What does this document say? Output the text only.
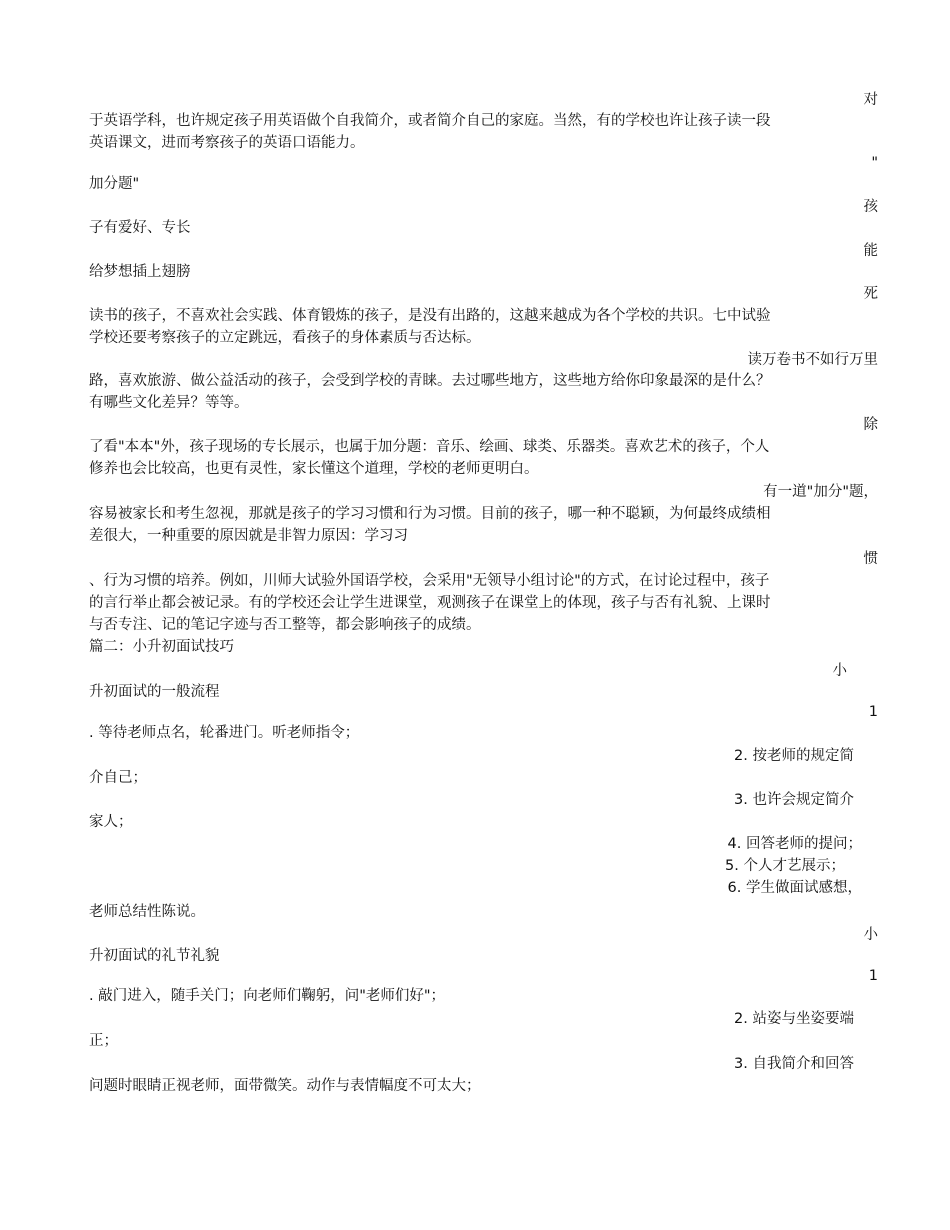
对
于英语学科，也许规定孩子用英语做个自我简介，或者简介自己的家庭。当然，有的学校也许让孩子读一段
英语课文，进而考察孩子的英语口语能力。
"
加分题"
孩
子有爱好、专长
能
给梦想插上翅膀
死
读书的孩子，不喜欢社会实践、体育锻炼的孩子，是没有出路的，这越来越成为各个学校的共识。七中试验
学校还要考察孩子的立定跳远，看孩子的身体素质与否达标。
读万卷书不如行万里
路，喜欢旅游、做公益活动的孩子，会受到学校的青睐。去过哪些地方，这些地方给你印象最深的是什么？
有哪些文化差异？等等。
除
了看"本本"外，孩子现场的专长展示，也属于加分题：音乐、绘画、球类、乐器类。喜欢艺术的孩子，个人
修养也会比较高，也更有灵性，家长懂这个道理，学校的老师更明白。
有一道"加分"题，
容易被家长和考生忽视，那就是孩子的学习习惯和行为习惯。目前的孩子，哪一种不聪颖，为何最终成绩相
差很大，一种重要的原因就是非智力原因：学习习
惯
、行为习惯的培养。例如，川师大试验外国语学校，会采用"无领导小组讨论"的方式，在讨论过程中，孩子
的言行举止都会被记录。有的学校还会让学生进课堂，观测孩子在课堂上的体现，孩子与否有礼貌、上课时
与否专注、记的笔记字迹与否工整等，都会影响孩子的成绩。
篇二：小升初面试技巧
小
升初面试的一般流程
1
. 等待老师点名，轮番进门。听老师指令；
2. 按老师的规定简
介自己；
3. 也许会规定简介
家人；
4. 回答老师的提问；
5. 个人才艺展示；
6. 学生做面试感想，
老师总结性陈说。
小
升初面试的礼节礼貌
1
. 敲门进入，随手关门；向老师们鞠躬，问"老师们好"；
2. 站姿与坐姿要端
正；
3. 自我简介和回答
问题时眼睛正视老师，面带微笑。动作与表情幅度不可太大；
